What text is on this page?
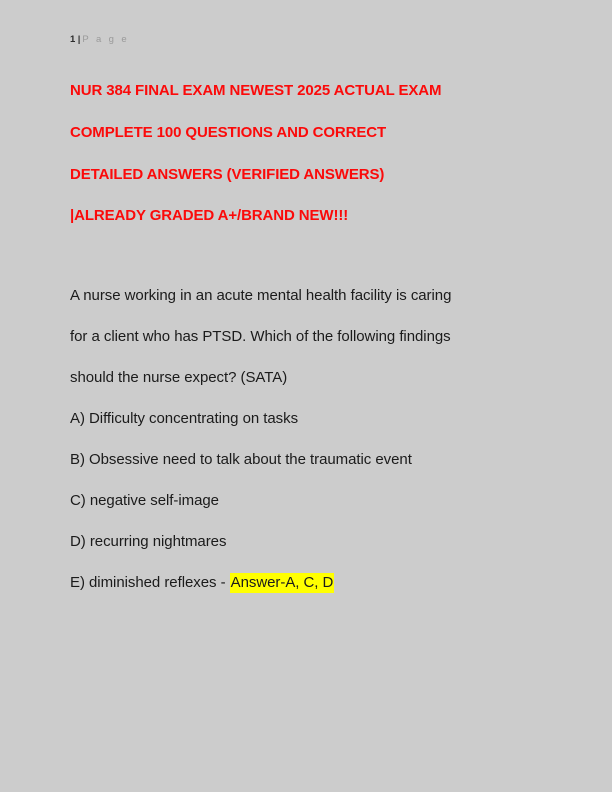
1 | P a g e
NUR 384 FINAL EXAM NEWEST 2025 ACTUAL EXAM
COMPLETE 100 QUESTIONS AND CORRECT
DETAILED ANSWERS (VERIFIED ANSWERS)
|ALREADY GRADED A+/BRAND NEW!!!
A nurse working in an acute mental health facility is caring
for a client who has PTSD. Which of the following findings
should the nurse expect? (SATA)
A) Difficulty concentrating on tasks
B) Obsessive need to talk about the traumatic event
C) negative self-image
D) recurring nightmares
E) diminished reflexes - Answer-A, C, D
